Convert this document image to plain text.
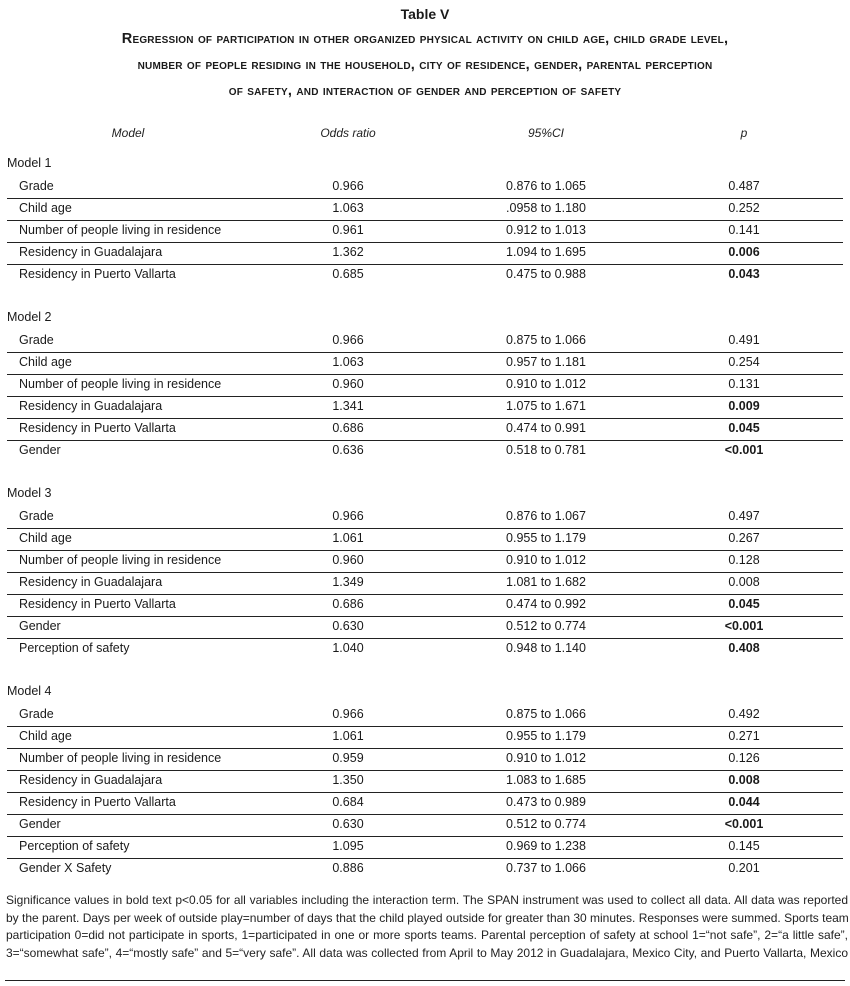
Table V
Regression of participation in other organized physical activity on child age, child grade level,
number of people residing in the household, city of residence, gender, parental perception
of safety, and interaction of gender and perception of safety
Model	Odds ratio	95%CI	p
Model 1
Grade	0.966	0.876 to 1.065	0.487
Child age	1.063	.0958 to 1.180	0.252
Number of people living in residence	0.961	0.912 to 1.013	0.141
Residency in Guadalajara	1.362	1.094 to 1.695	0.006
Residency in Puerto Vallarta	0.685	0.475 to 0.988	0.043
Model 2
Grade	0.966	0.875 to 1.066	0.491
Child age	1.063	0.957 to 1.181	0.254
Number of people living in residence	0.960	0.910 to 1.012	0.131
Residency in Guadalajara	1.341	1.075 to 1.671	0.009
Residency in Puerto Vallarta	0.686	0.474 to 0.991	0.045
Gender	0.636	0.518 to 0.781	<0.001
Model 3
Grade	0.966	0.876 to 1.067	0.497
Child age	1.061	0.955 to 1.179	0.267
Number of people living in residence	0.960	0.910 to 1.012	0.128
Residency in Guadalajara	1.349	1.081 to 1.682	0.008
Residency in Puerto Vallarta	0.686	0.474 to 0.992	0.045
Gender	0.630	0.512 to 0.774	<0.001
Perception of safety	1.040	0.948 to 1.140	0.408
Model 4
Grade	0.966	0.875 to 1.066	0.492
Child age	1.061	0.955 to 1.179	0.271
Number of people living in residence	0.959	0.910 to 1.012	0.126
Residency in Guadalajara	1.350	1.083 to 1.685	0.008
Residency in Puerto Vallarta	0.684	0.473 to 0.989	0.044
Gender	0.630	0.512 to 0.774	<0.001
Perception of safety	1.095	0.969 to 1.238	0.145
Gender X Safety	0.886	0.737 to 1.066	0.201
Significance values in bold text p<0.05 for all variables including the interaction term. The SPAN instrument was used to collect all data. All data was reported
by the parent. Days per week of outside play=number of days that the child played outside for greater than 30 minutes. Responses were summed. Sports team
participation 0=did not participate in sports, 1=participated in one or more sports teams. Parental perception of safety at school 1=“not safe”, 2=“a little safe”,
3=“somewhat safe”, 4=“mostly safe” and 5=“very safe”. All data was collected from April to May 2012 in Guadalajara, Mexico City, and Puerto Vallarta, Mexico
